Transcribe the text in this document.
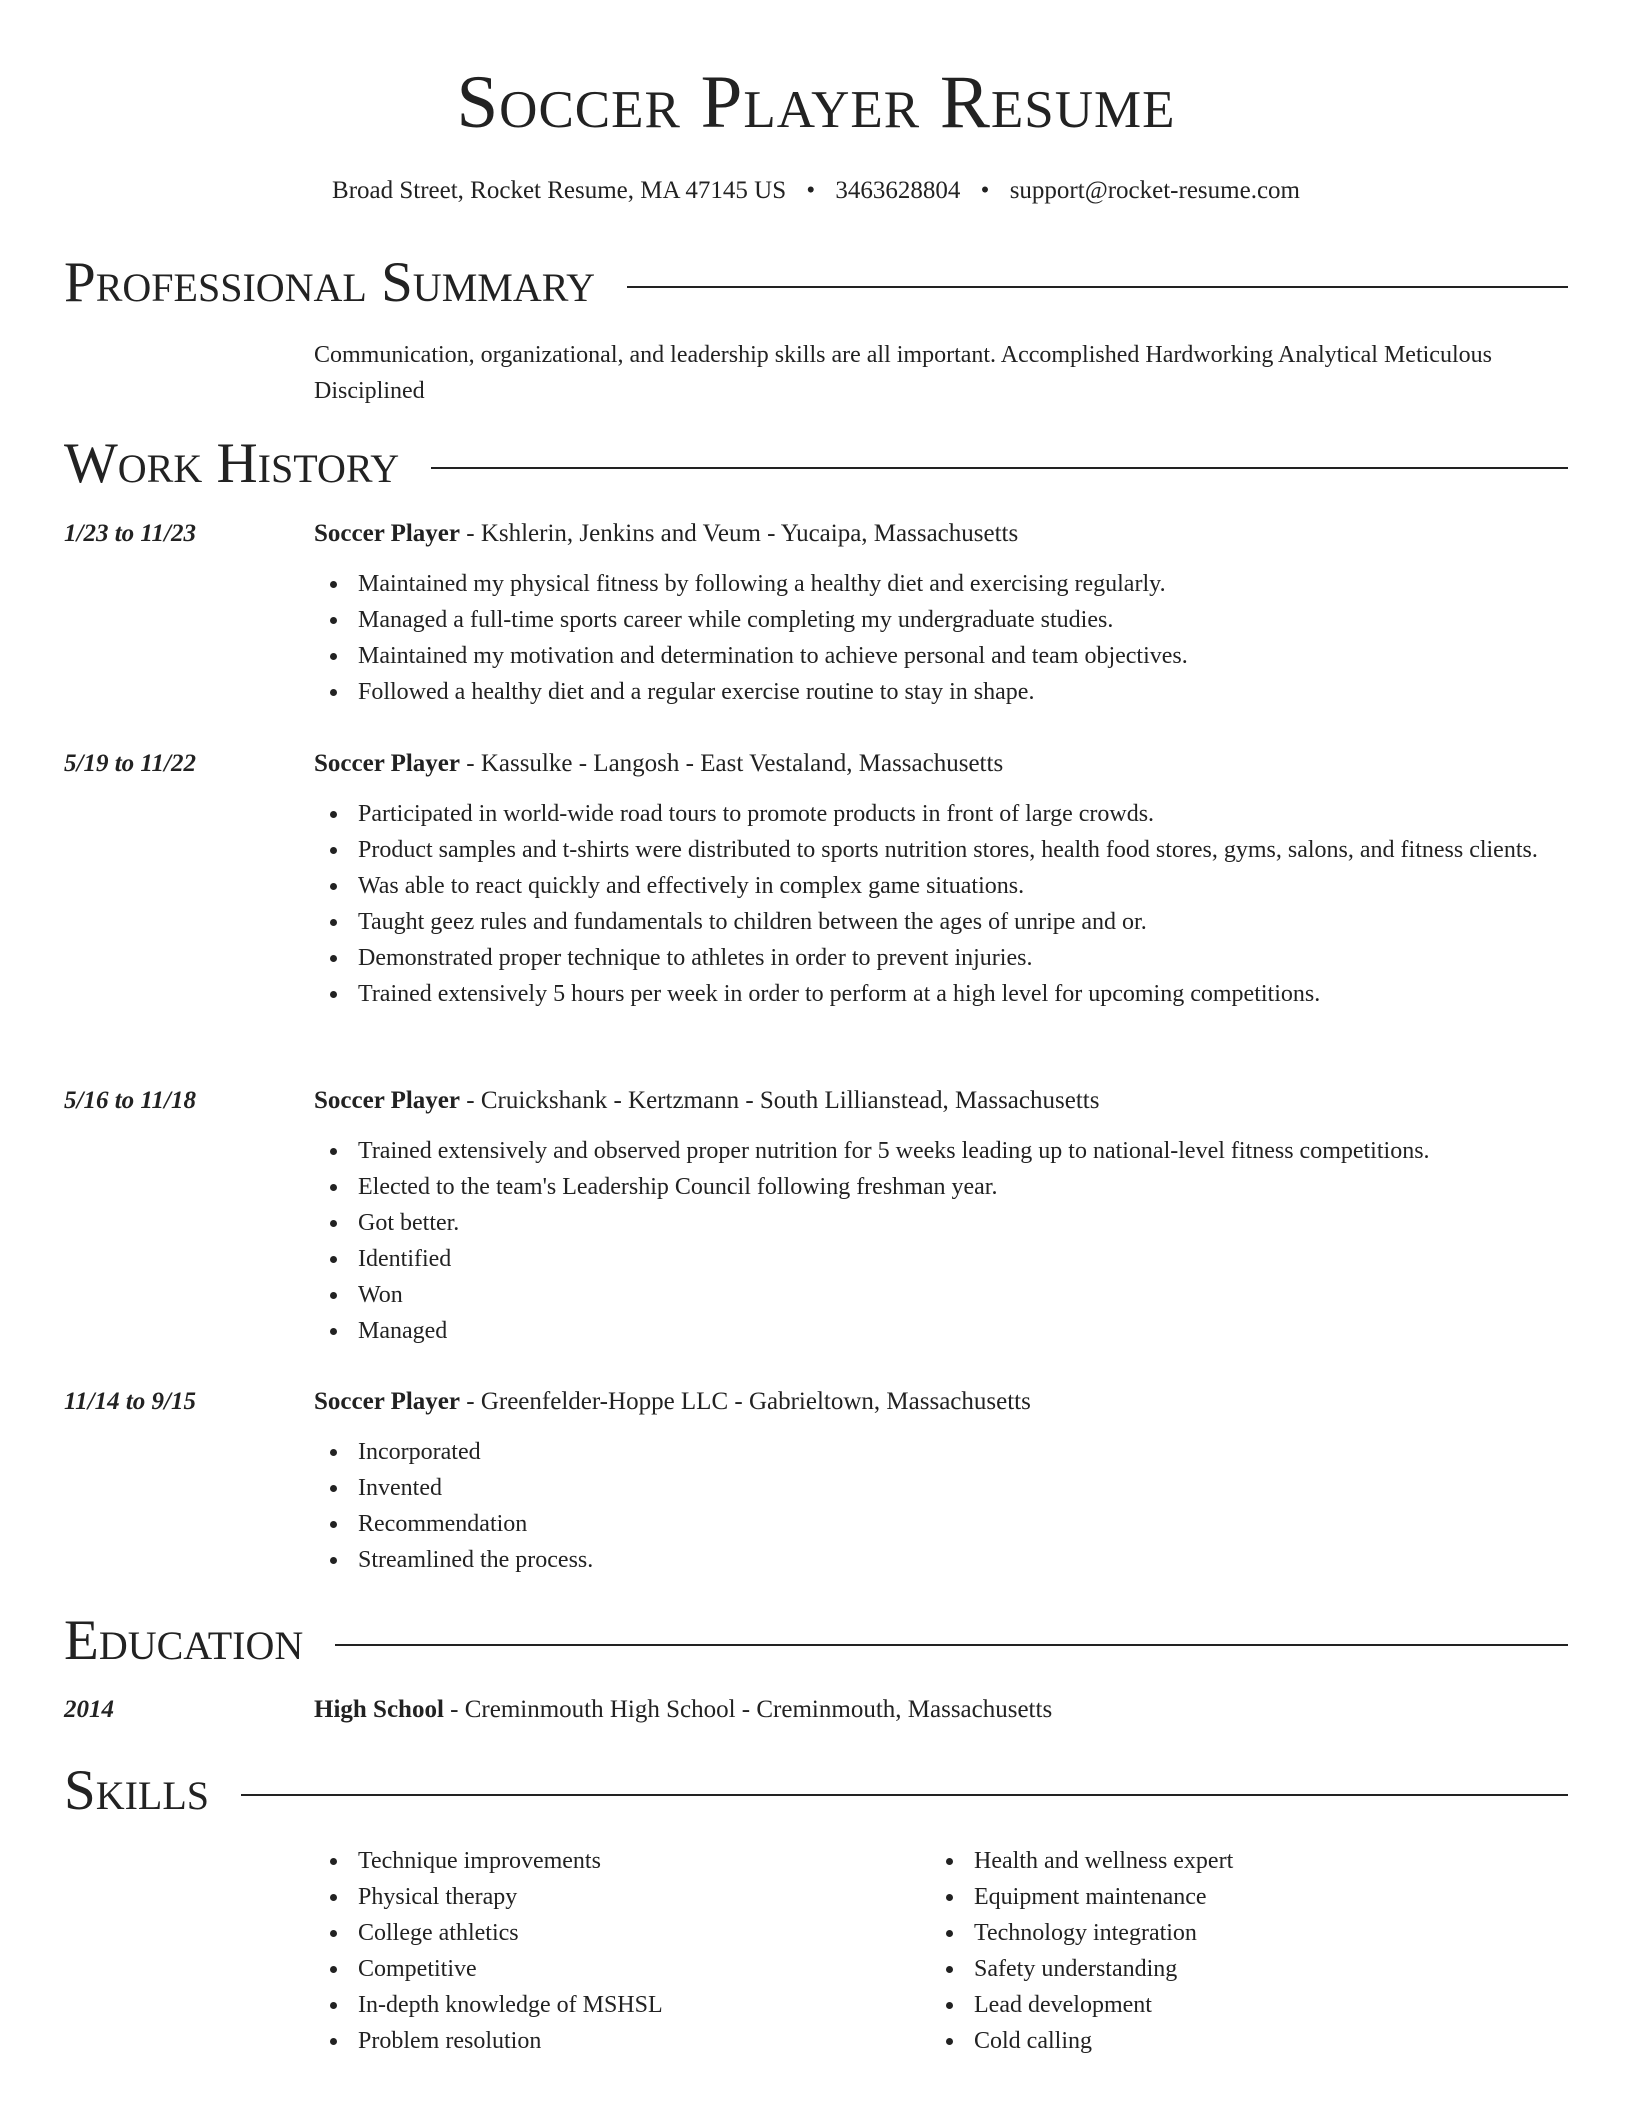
Soccer Player Resume
Broad Street, Rocket Resume, MA 47145 US • 3463628804 • support@rocket-resume.com
Professional Summary
Communication, organizational, and leadership skills are all important. Accomplished Hardworking Analytical Meticulous Disciplined
Work History
1/23 to 11/23	Soccer Player - Kshlerin, Jenkins and Veum - Yucaipa, Massachusetts
Maintained my physical fitness by following a healthy diet and exercising regularly.
Managed a full-time sports career while completing my undergraduate studies.
Maintained my motivation and determination to achieve personal and team objectives.
Followed a healthy diet and a regular exercise routine to stay in shape.
5/19 to 11/22	Soccer Player - Kassulke - Langosh - East Vestaland, Massachusetts
Participated in world-wide road tours to promote products in front of large crowds.
Product samples and t-shirts were distributed to sports nutrition stores, health food stores, gyms, salons, and fitness clients.
Was able to react quickly and effectively in complex game situations.
Taught geez rules and fundamentals to children between the ages of unripe and or.
Demonstrated proper technique to athletes in order to prevent injuries.
Trained extensively 5 hours per week in order to perform at a high level for upcoming competitions.
5/16 to 11/18	Soccer Player - Cruickshank - Kertzmann - South Lillianstead, Massachusetts
Trained extensively and observed proper nutrition for 5 weeks leading up to national-level fitness competitions.
Elected to the team's Leadership Council following freshman year.
Got better.
Identified
Won
Managed
11/14 to 9/15	Soccer Player - Greenfelder-Hoppe LLC - Gabrieltown, Massachusetts
Incorporated
Invented
Recommendation
Streamlined the process.
Education
2014	High School - Creminmouth High School - Creminmouth, Massachusetts
Skills
Technique improvements
Physical therapy
College athletics
Competitive
In-depth knowledge of MSHSL
Problem resolution
Health and wellness expert
Equipment maintenance
Technology integration
Safety understanding
Lead development
Cold calling
